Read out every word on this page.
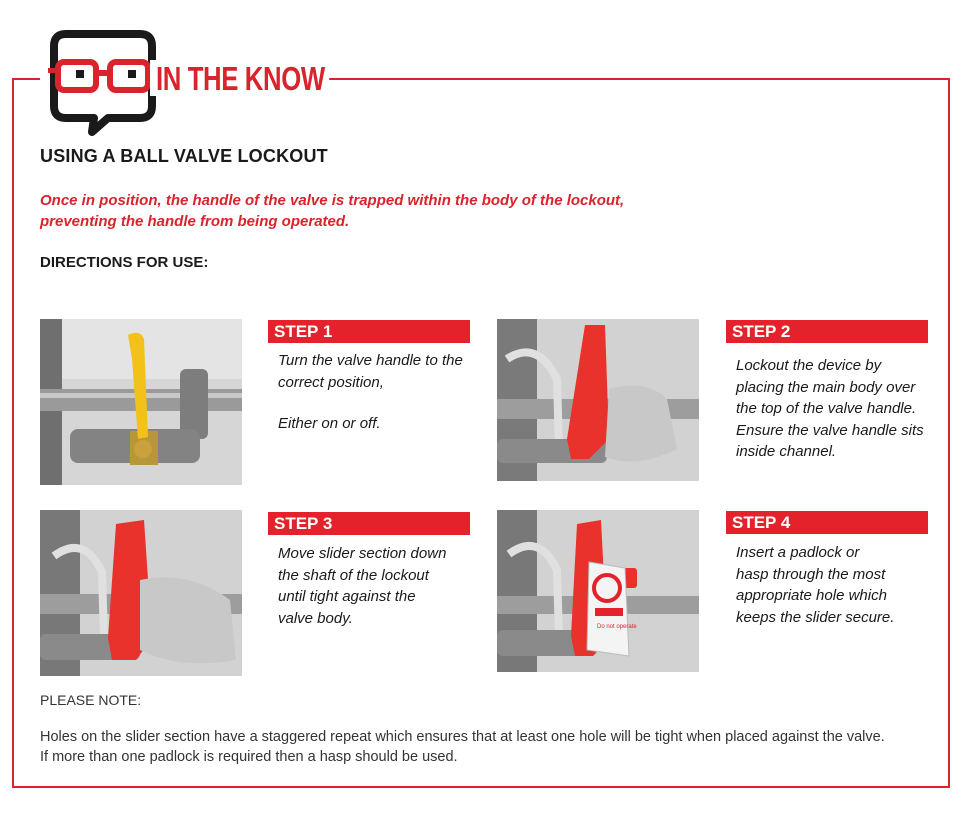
IN THE KNOW
USING A BALL VALVE LOCKOUT
Once in position, the handle of the valve is trapped within the body of the lockout,
preventing the handle from being operated.
DIRECTIONS FOR USE:
STEP 1

Turn the valve handle to the

correct position,

Either on or off.

STEP 2

Lockout the device by

placing the main body over

the top of the valve handle.

Ensure the valve handle sits

inside channel.

STEP 3

Move slider section down

the shaft of the lockout

until tight against the

valve body.

Do not operate
STEP 4

Insert a padlock or

hasp through the most

appropriate hole which

keeps the slider secure.

PLEASE NOTE:
Holes on the slider section have a staggered repeat which ensures that at least one hole will be tight when placed against the valve.
If more than one padlock is required then a hasp should be used.
